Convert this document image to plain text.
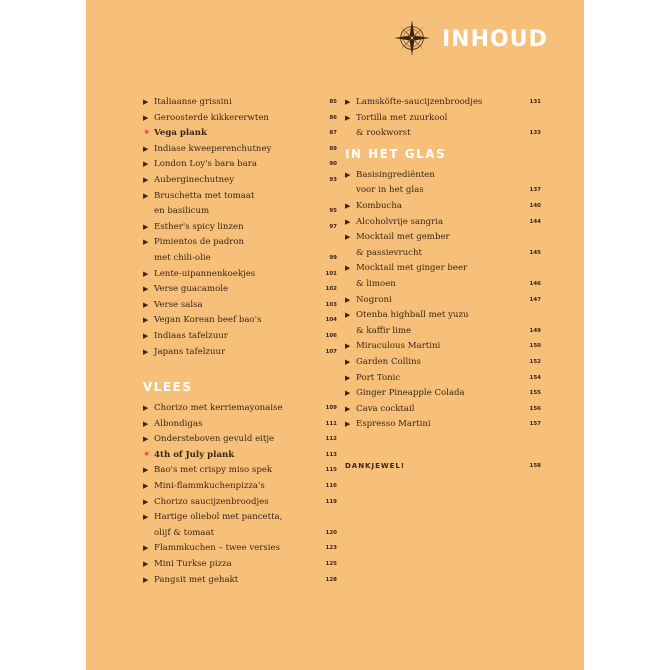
INHOUD
▶ Italiaanse grissini	85
▶ Geroosterde kikkererwten	86
✶ Vega plank	87
▶ Indiase kweeperenchutney	89
▶ London Loy's bara bara	90
▶ Auberginechutney	93
▶ Bruschetta met tomaat
en basilicum	95
▶ Esther's spicy linzen	97
▶ Pimientos de padron
met chili-olie	99
▶ Lente-uipannenkoekjes	101
▶ Verse guacamole	102
▶ Verse salsa	103
▶ Vegan Korean beef bao's	104
▶ Indiaas tafelzuur	106
▶ Japans tafelzuur	107
VLEES
▶ Chorizo met kerriemayonaise	109
▶ Albondigas	111
▶ Ondersteboven gevuld eitje	112
✶ 4th of July plank	113
▶ Bao's met crispy miso spek	115
▶ Mini-flammkuchenpizza's	116
▶ Chorizo saucijzenbroodjes	119
▶ Hartige oliebol met pancetta,
olijf & tomaat	120
▶ Flammkuchen – twee versies	123
▶ Mini Turkse pizza	125
▶ Pangsit met gehakt	128
▶ Lamsköfte-saucijzenbroodjes	131
▶ Tortilla met zuurkool
& rookworst	133
IN HET GLAS
▶ Basisingrediënten
voor in het glas	137
▶ Kombucha	140
▶ Alcoholvrije sangria	144
▶ Mocktail met gember
& passievrucht	145
▶ Mocktail met ginger beer
& limoen	146
▶ Nogroni	147
▶ Otenba highball met yuzu
& kaffir lime	149
▶ Miraculous Martini	150
▶ Garden Collins	152
▶ Port Tonic	154
▶ Ginger Pineapple Colada	155
▶ Cava cocktail	156
▶ Espresso Martini	157
DANKJEWEL!	158
